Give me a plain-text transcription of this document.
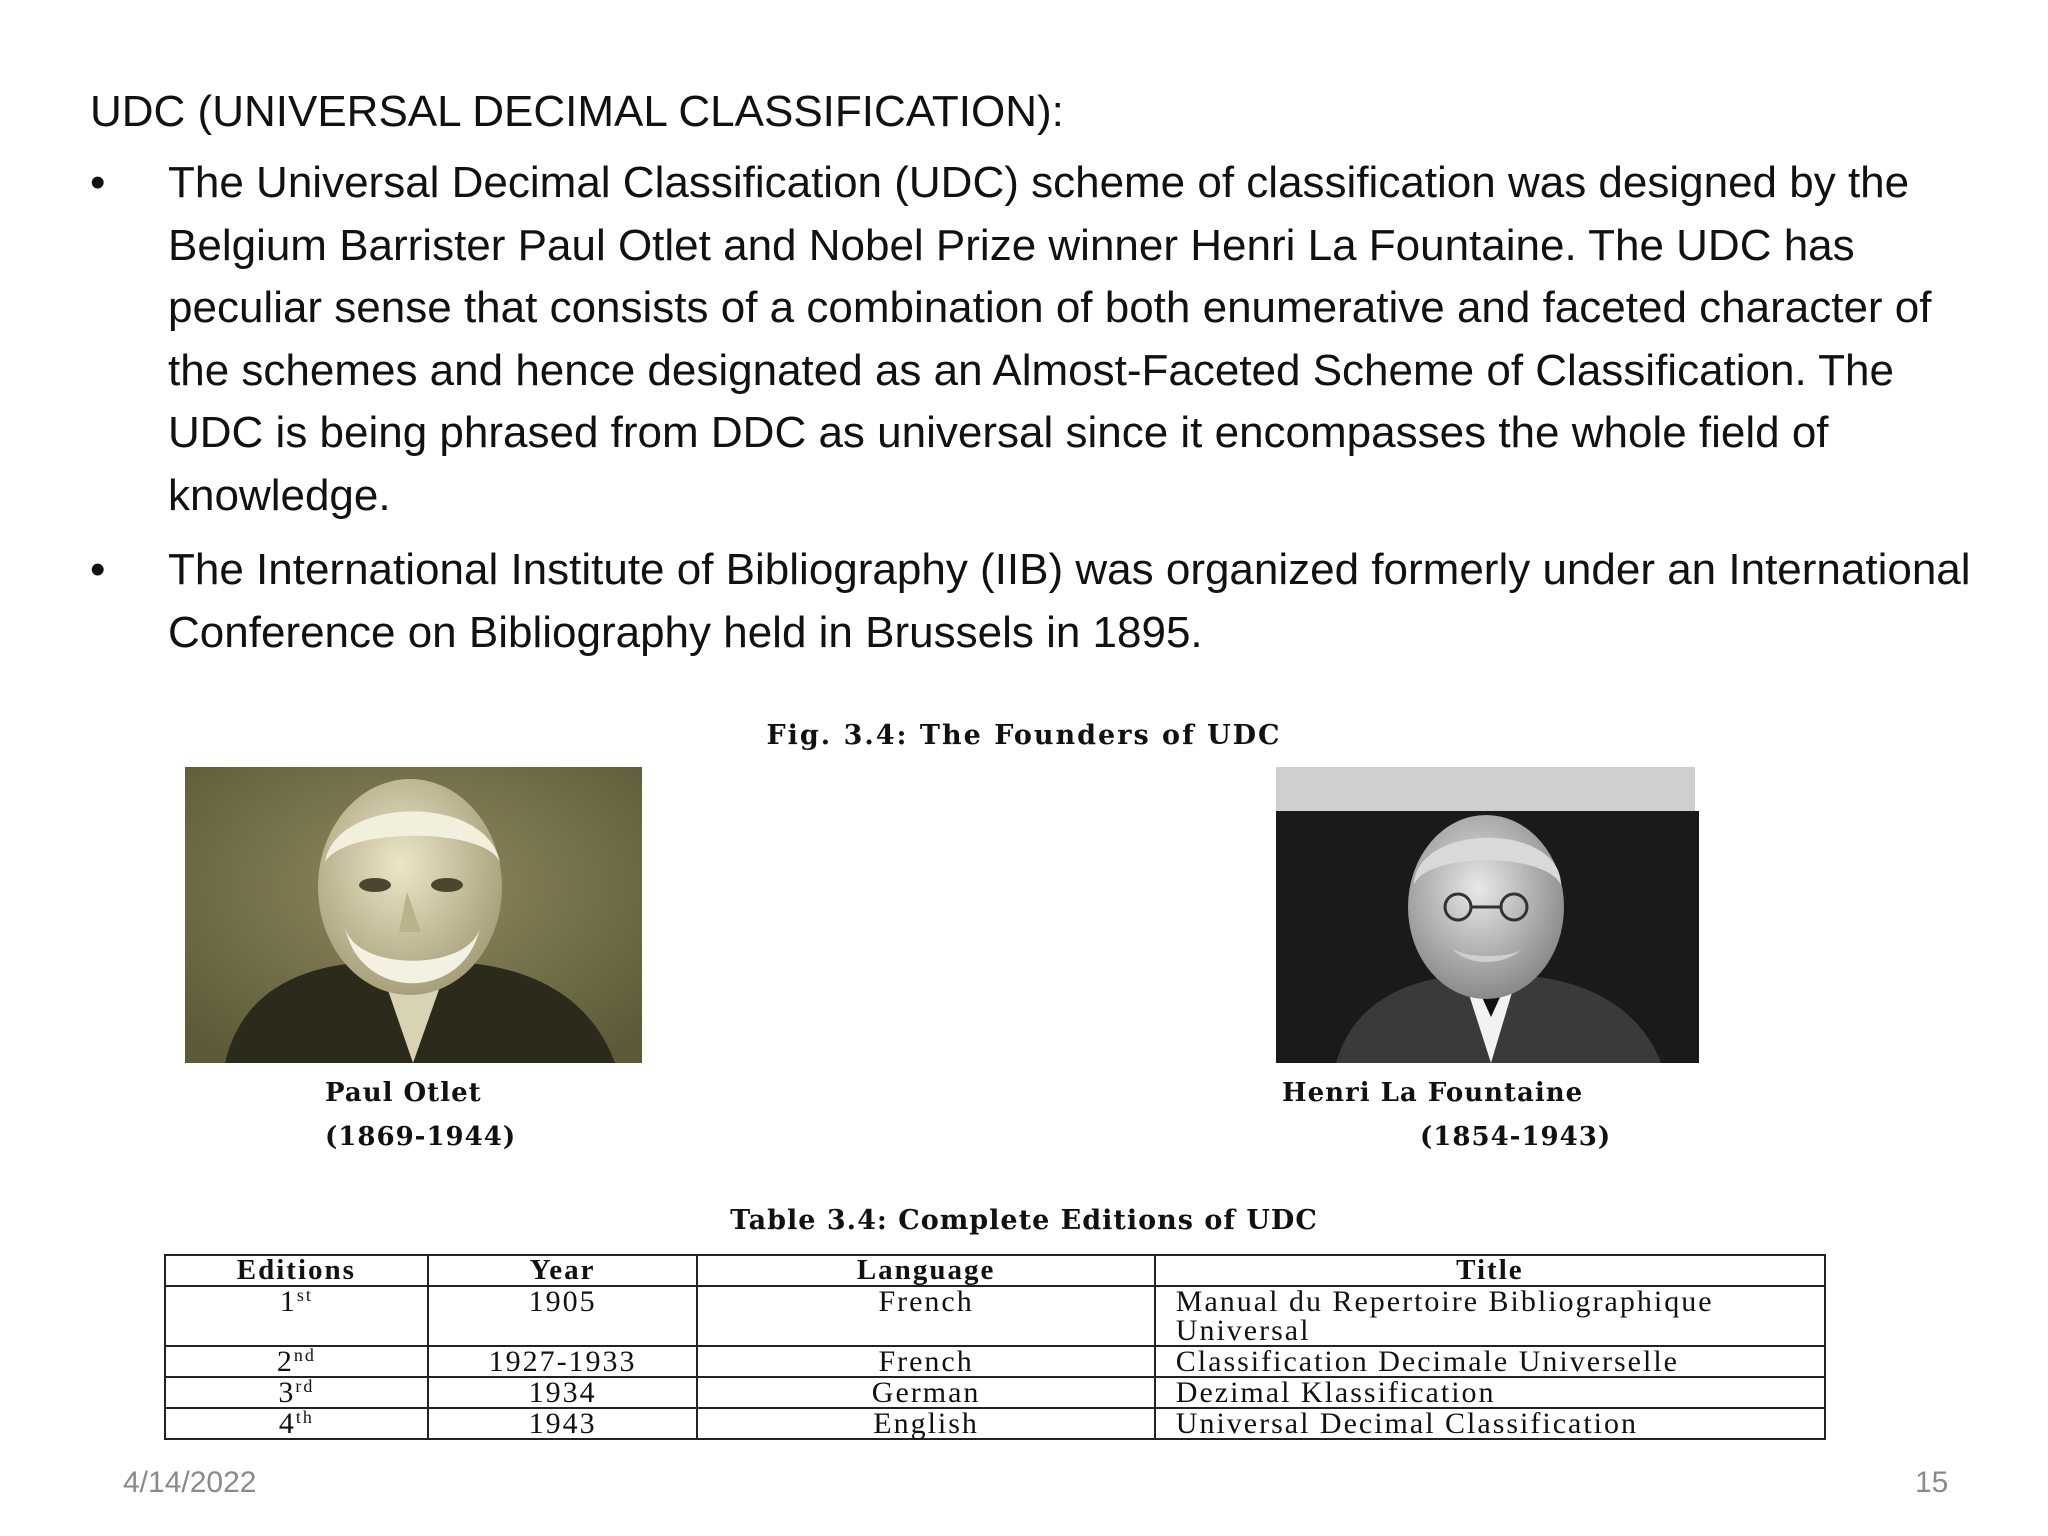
UDC (UNIVERSAL DECIMAL CLASSIFICATION):
•	The Universal Decimal Classification (UDC) scheme of classification was designed by the Belgium Barrister Paul Otlet and Nobel Prize winner Henri La Fountaine. The UDC has peculiar sense that consists of a combination of both enumerative and faceted character of the schemes and hence designated as an Almost-Faceted Scheme of Classification. The UDC is being phrased from DDC as universal since it encompasses the whole field of knowledge.
•	The International Institute of Bibliography (IIB) was organized formerly under an International Conference on Bibliography held in Brussels in 1895.
Fig. 3.4: The Founders of UDC
Paul Otlet
(1869-1944)
Henri La Fountaine
(1854-1943)
Table 3.4: Complete Editions of UDC
Editions	Year	Language	Title
1st	1905	French	Manual du Repertoire Bibliographique Universal
2nd	1927-1933	French	Classification Decimale Universelle
3rd	1934	German	Dezimal Klassification
4th	1943	English	Universal Decimal Classification
4/14/2022	15
